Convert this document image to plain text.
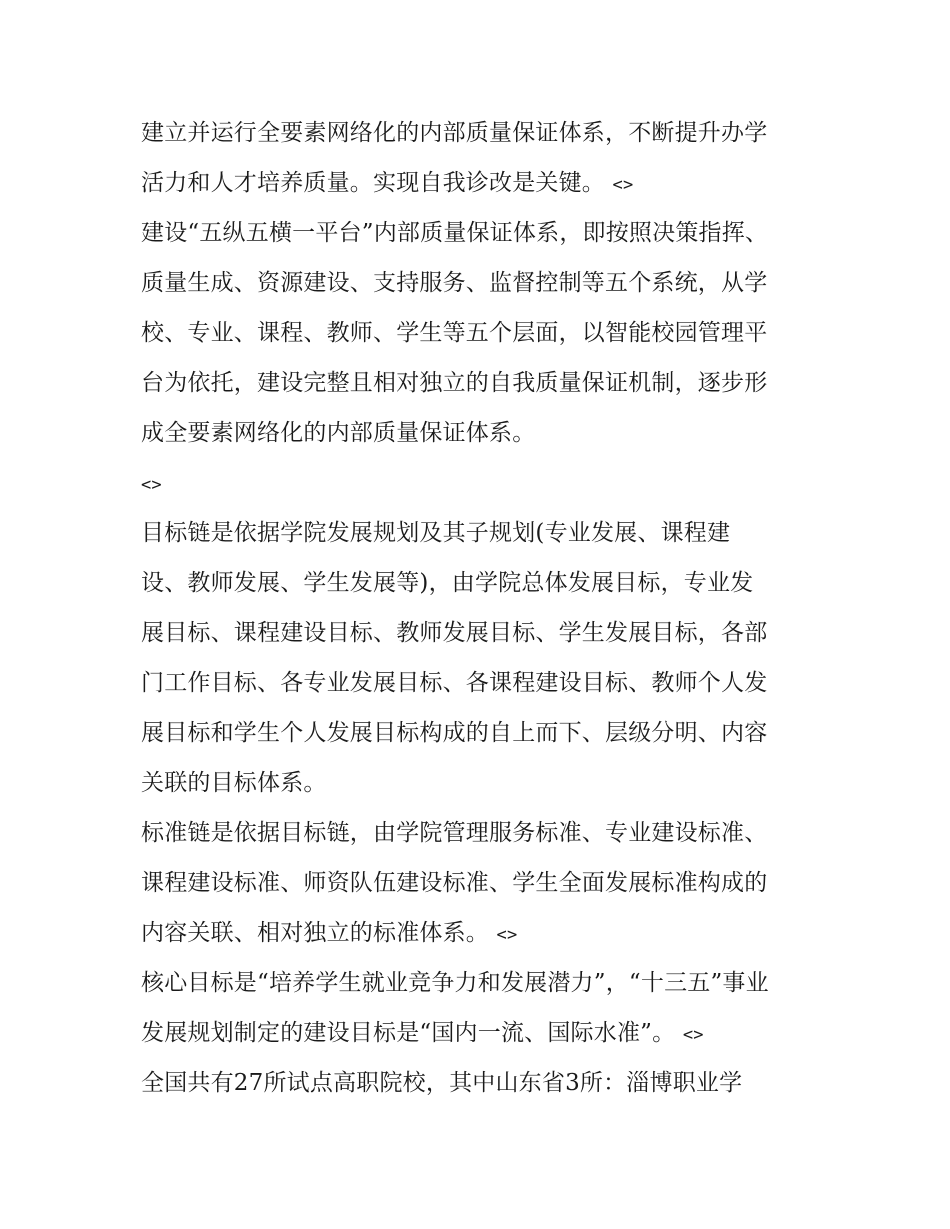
建立并运行全要素网络化的内部质量保证体系，不断提升办学
活力和人才培养质量。实现自我诊改是关键。 <>
建设“五纵五横一平台”内部质量保证体系，即按照决策指挥、
质量生成、资源建设、支持服务、监督控制等五个系统，从学
校、专业、课程、教师、学生等五个层面，以智能校园管理平
台为依托，建设完整且相对独立的自我质量保证机制，逐步形
成全要素网络化的内部质量保证体系。
<>
目标链是依据学院发展规划及其子规划(专业发展、课程建
设、教师发展、学生发展等)，由学院总体发展目标，专业发
展目标、课程建设目标、教师发展目标、学生发展目标，各部
门工作目标、各专业发展目标、各课程建设目标、教师个人发
展目标和学生个人发展目标构成的自上而下、层级分明、内容
关联的目标体系。
标准链是依据目标链，由学院管理服务标准、专业建设标准、
课程建设标准、师资队伍建设标准、学生全面发展标准构成的
内容关联、相对独立的标准体系。 <>
核心目标是“培养学生就业竞争力和发展潜力”，“十三五”事业
发展规划制定的建设目标是“国内一流、国际水准”。 <>
全国共有27所试点高职院校，其中山东省3所：淄博职业学
